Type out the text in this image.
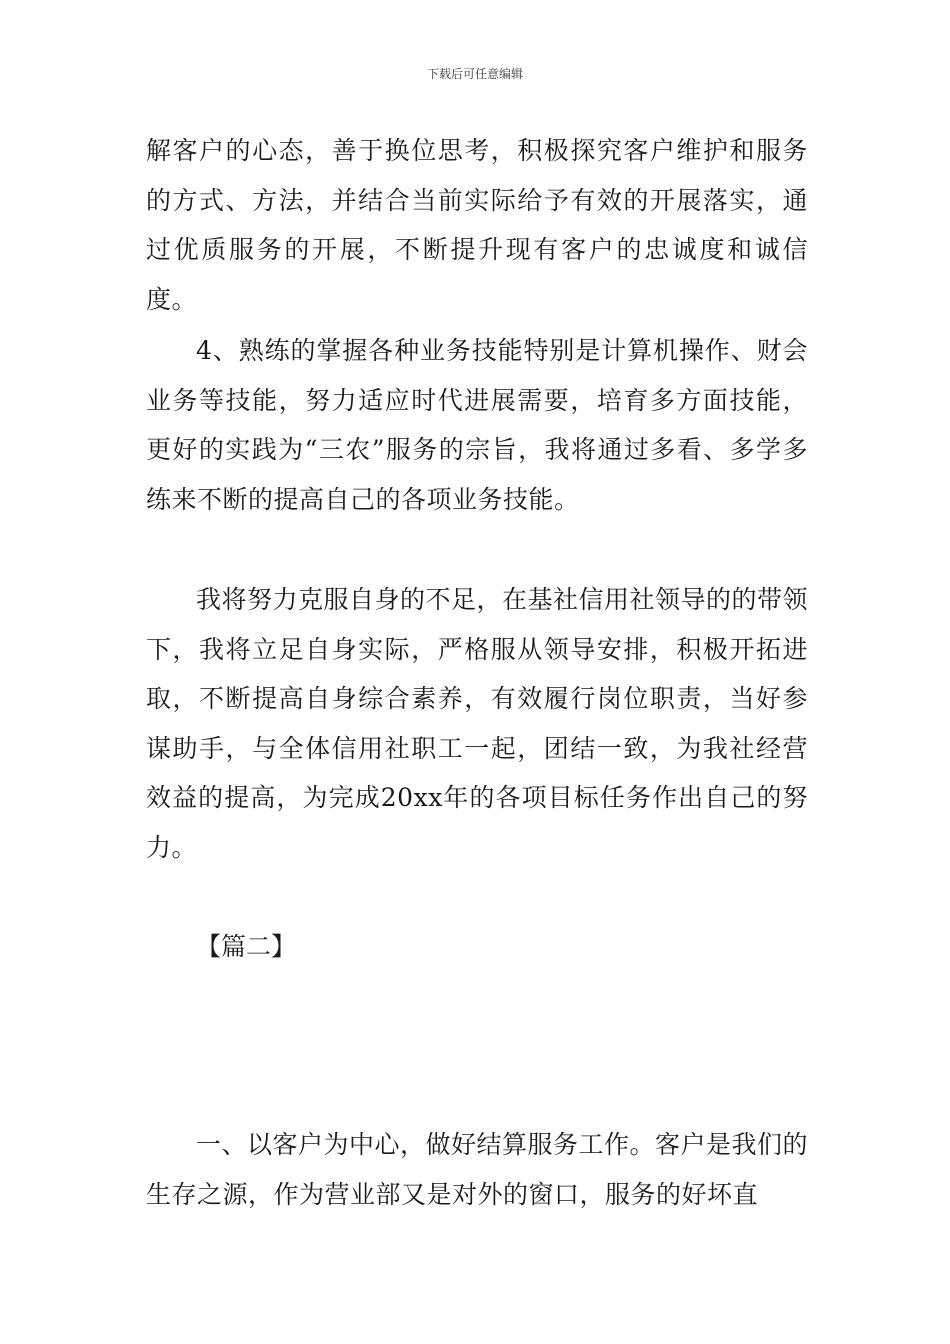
下载后可任意编辑

解客户的心态，善于换位思考，积极探究客户维护和服务的方式、方法，并结合当前实际给予有效的开展落实，通过优质服务的开展，不断提升现有客户的忠诚度和诚信度。

4、熟练的掌握各种业务技能特别是计算机操作、财会业务等技能，努力适应时代进展需要，培育多方面技能，更好的实践为“三农”服务的宗旨，我将通过多看、多学多练来不断的提高自己的各项业务技能。

我将努力克服自身的不足，在基社信用社领导的的带领下，我将立足自身实际，严格服从领导安排，积极开拓进取，不断提高自身综合素养，有效履行岗位职责，当好参谋助手，与全体信用社职工一起，团结一致，为我社经营效益的提高，为完成20xx年的各项目标任务作出自己的努力。

【篇二】

一、以客户为中心，做好结算服务工作。客户是我们的生存之源，作为营业部又是对外的窗口，服务的好坏直
